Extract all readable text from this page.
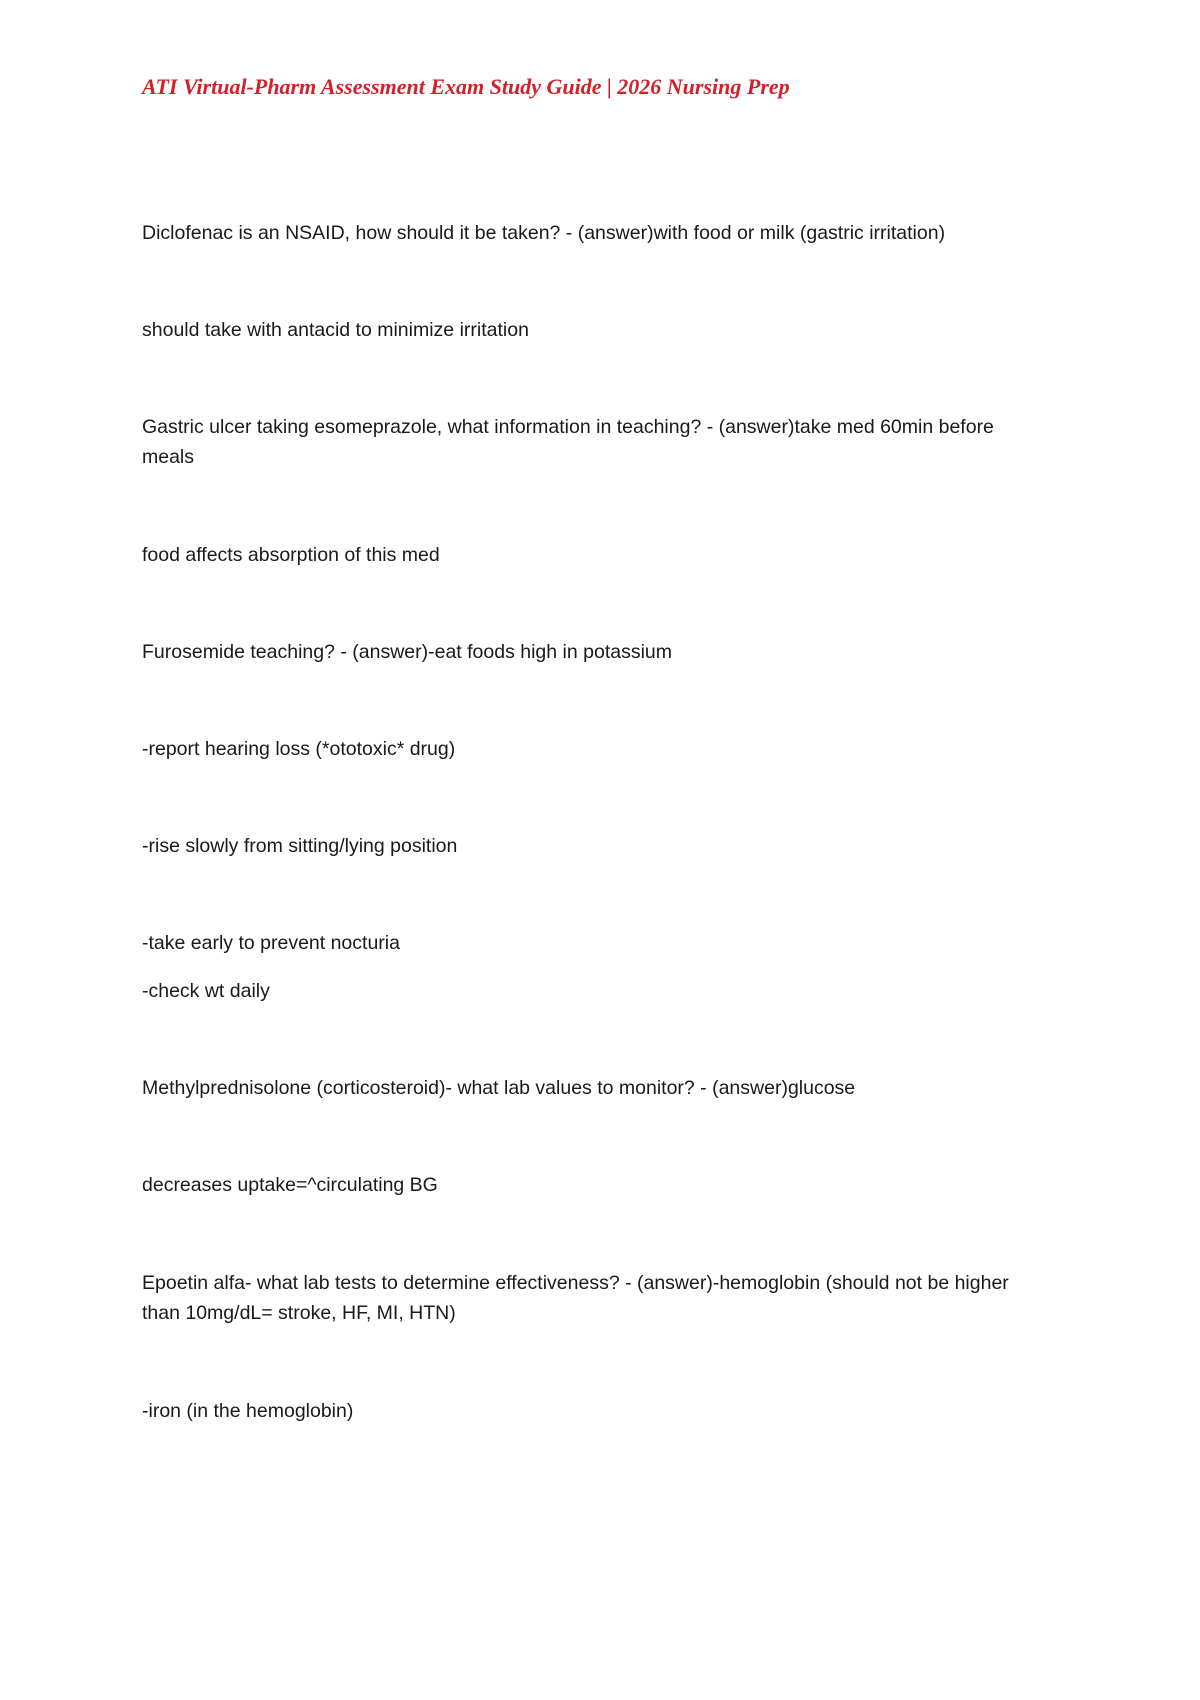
ATI Virtual-Pharm Assessment Exam Study Guide | 2026 Nursing Prep

Diclofenac is an NSAID, how should it be taken? - (answer)with food or milk (gastric irritation)

should take with antacid to minimize irritation

Gastric ulcer taking esomeprazole, what information in teaching? - (answer)take med 60min before meals

food affects absorption of this med

Furosemide teaching? - (answer)-eat foods high in potassium

-report hearing loss (*ototoxic* drug)

-rise slowly from sitting/lying position

-take early to prevent nocturia

-check wt daily

Methylprednisolone (corticosteroid)- what lab values to monitor? - (answer)glucose

decreases uptake=^circulating BG

Epoetin alfa- what lab tests to determine effectiveness? - (answer)-hemoglobin (should not be higher than 10mg/dL= stroke, HF, MI, HTN)

-iron (in the hemoglobin)
